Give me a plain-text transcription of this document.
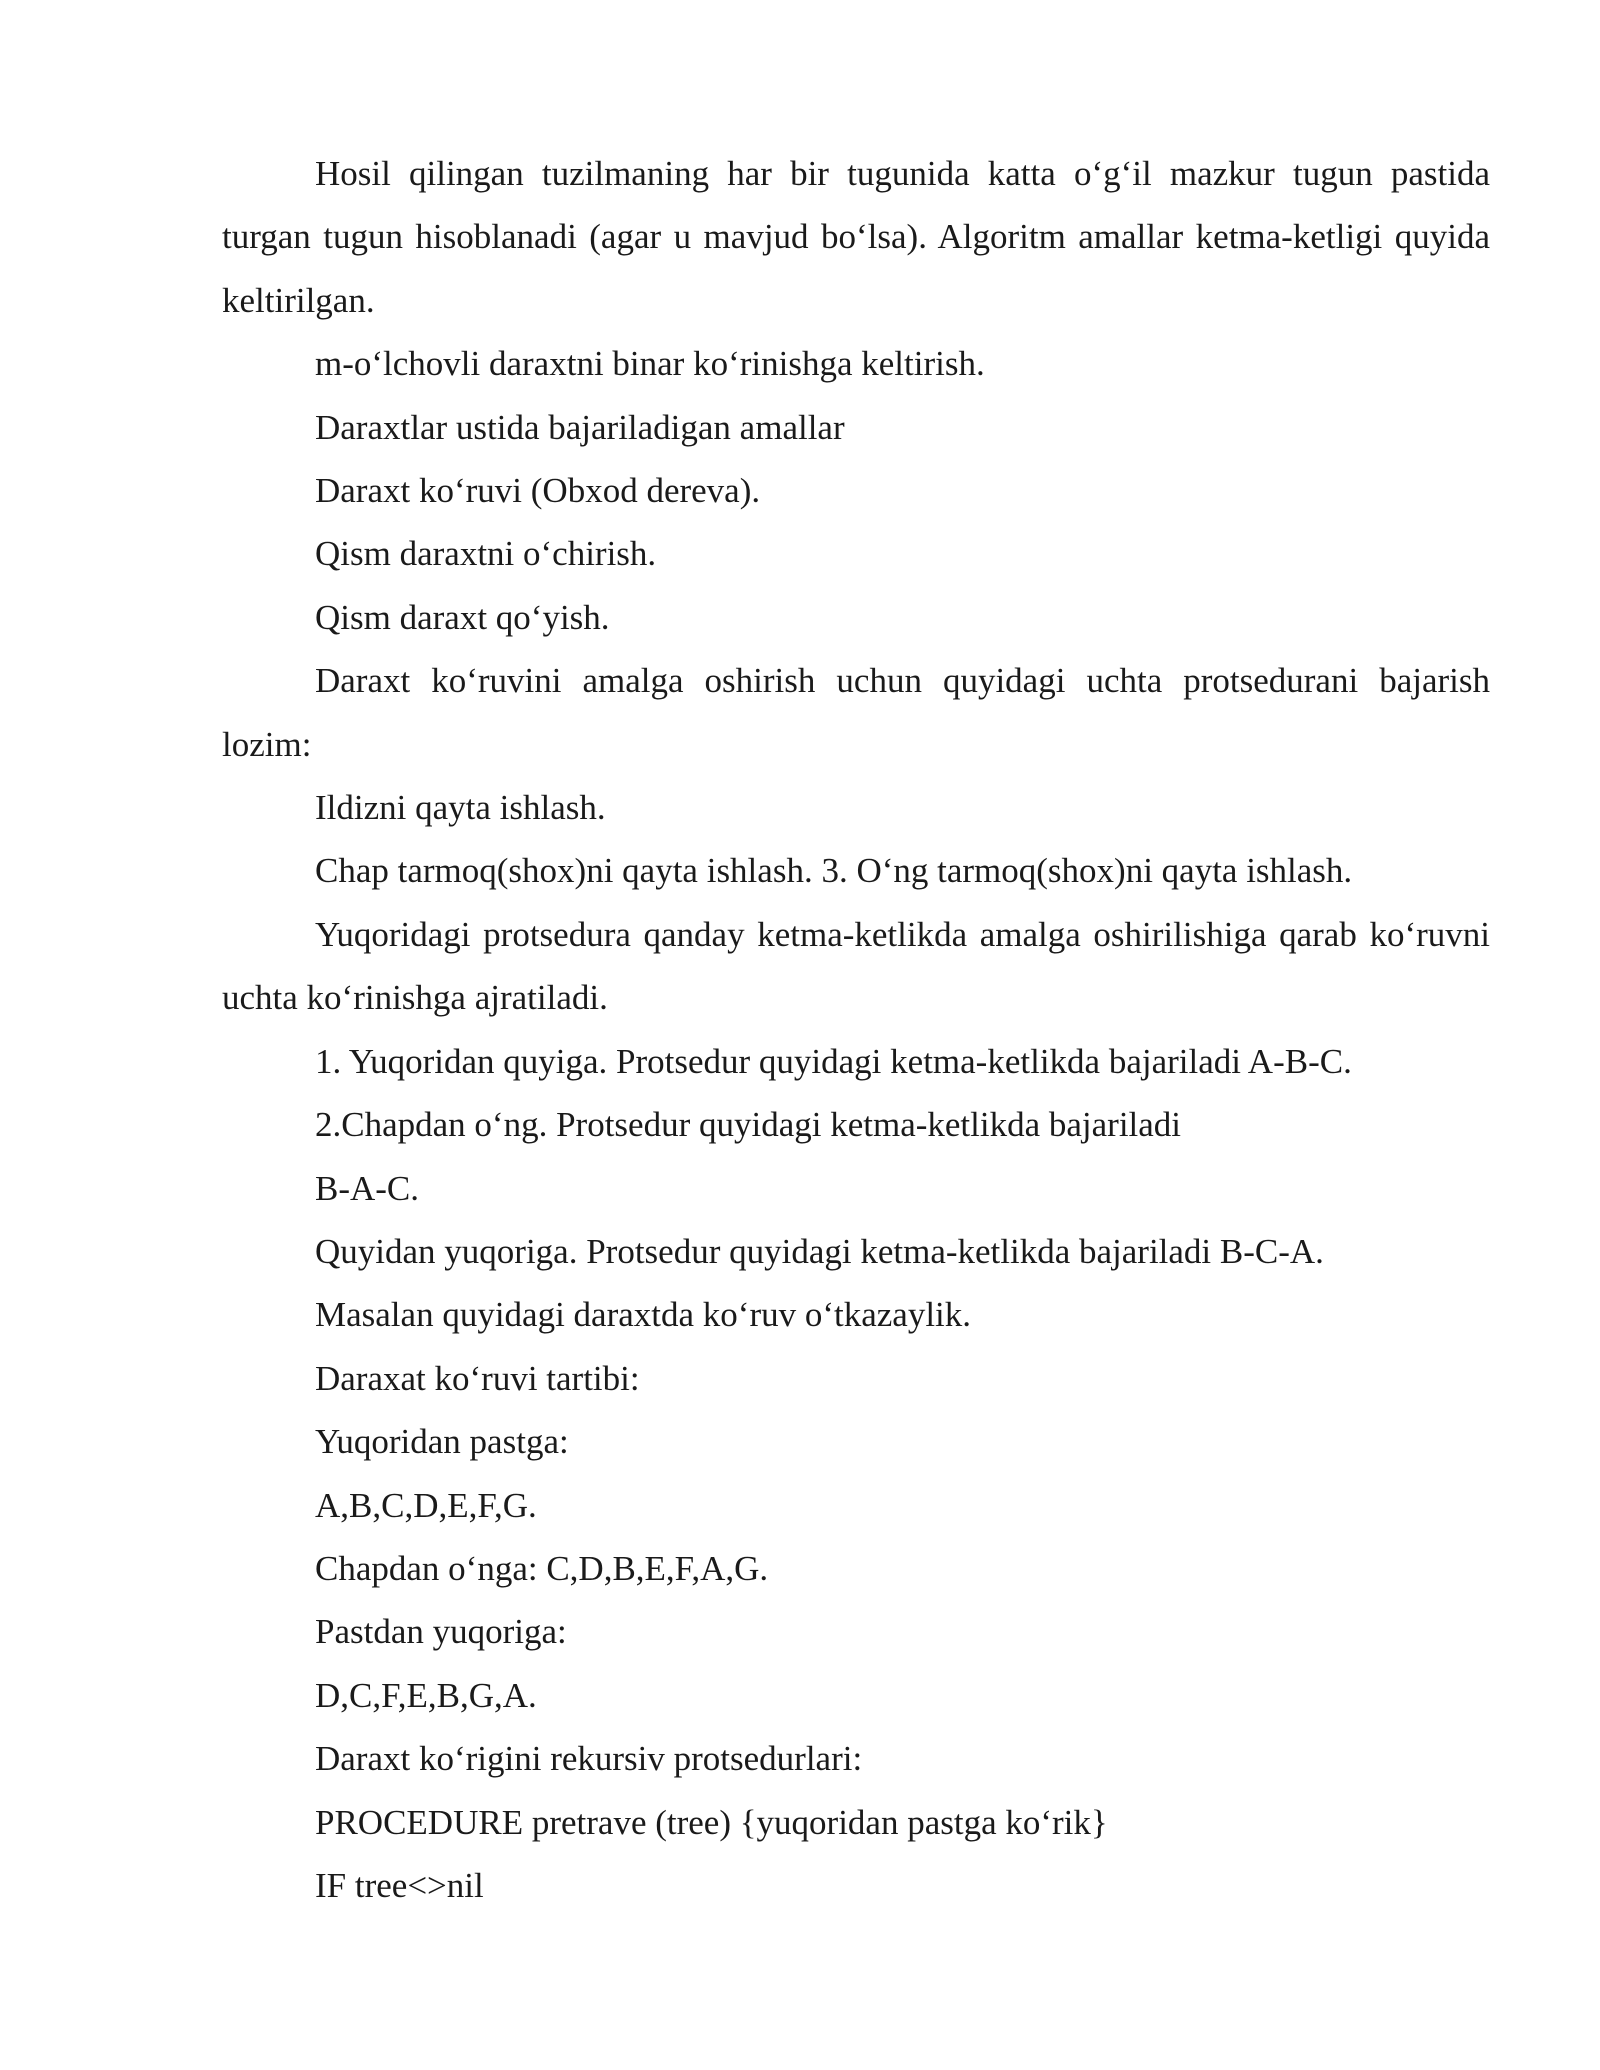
Hosil qilingan tuzilmaning har bir tugunida katta o‘g‘il mazkur tugun pastida turgan tugun hisoblanadi (agar u mavjud bo‘lsa). Algoritm amallar ketma-ketligi quyida keltirilgan.

m-o‘lchovli daraxtni binar ko‘rinishga keltirish.

Daraxtlar ustida bajariladigan amallar

Daraxt ko‘ruvi (Obxod dereva).

Qism daraxtni o‘chirish.

Qism daraxt qo‘yish.

Daraxt ko‘ruvini amalga oshirish uchun quyidagi uchta protsedurani bajarish lozim:

Ildizni qayta ishlash.

Chap tarmoq(shox)ni qayta ishlash. 3. O‘ng tarmoq(shox)ni qayta ishlash.

Yuqoridagi protsedura qanday ketma-ketlikda amalga oshirilishiga qarab ko‘ruvni uchta ko‘rinishga ajratiladi.

1. Yuqoridan quyiga. Protsedur quyidagi ketma-ketlikda bajariladi A-B-C.

2.Chapdan o‘ng. Protsedur quyidagi ketma-ketlikda bajariladi

B-A-C.

Quyidan yuqoriga. Protsedur quyidagi ketma-ketlikda bajariladi B-C-A.

Masalan quyidagi daraxtda ko‘ruv o‘tkazaylik.

Daraxat ko‘ruvi tartibi:

Yuqoridan pastga:

A,B,C,D,E,F,G.

Chapdan o‘nga: C,D,B,E,F,A,G.

Pastdan yuqoriga:

D,C,F,E,B,G,A.

Daraxt ko‘rigini rekursiv protsedurlari:

PROCEDURE pretrave (tree) {yuqoridan pastga ko‘rik}

IF tree<>nil
